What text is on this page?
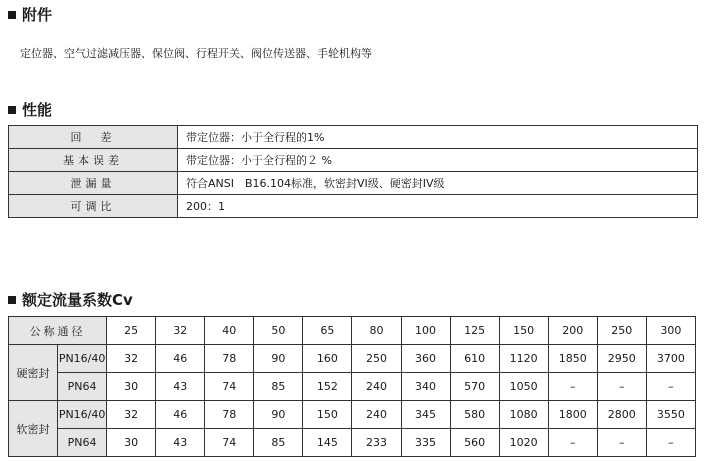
附件
定位器、空气过滤减压器、保位阀、行程开关、阀位传送器、手轮机构等
性能
回　差	带定位器：小于全行程的1%
基本误差	带定位器：小于全行程的２ %
泄漏量	符合ANSI　B16.104标准，软密封VI级、硬密封IV级
可调比	200：1
额定流量系数Cv
公称通径		25	32	40	50	65	80	100	125	150	200	250	300
硬密封	PN16/40	32	46	78	90	160	250	360	610	1120	1850	2950	3700
	PN64	30	43	74	85	152	240	340	570	1050	–	–	–
软密封	PN16/40	32	46	78	90	150	240	345	580	1080	1800	2800	3550
	PN64	30	43	74	85	145	233	335	560	1020	–	–	–
